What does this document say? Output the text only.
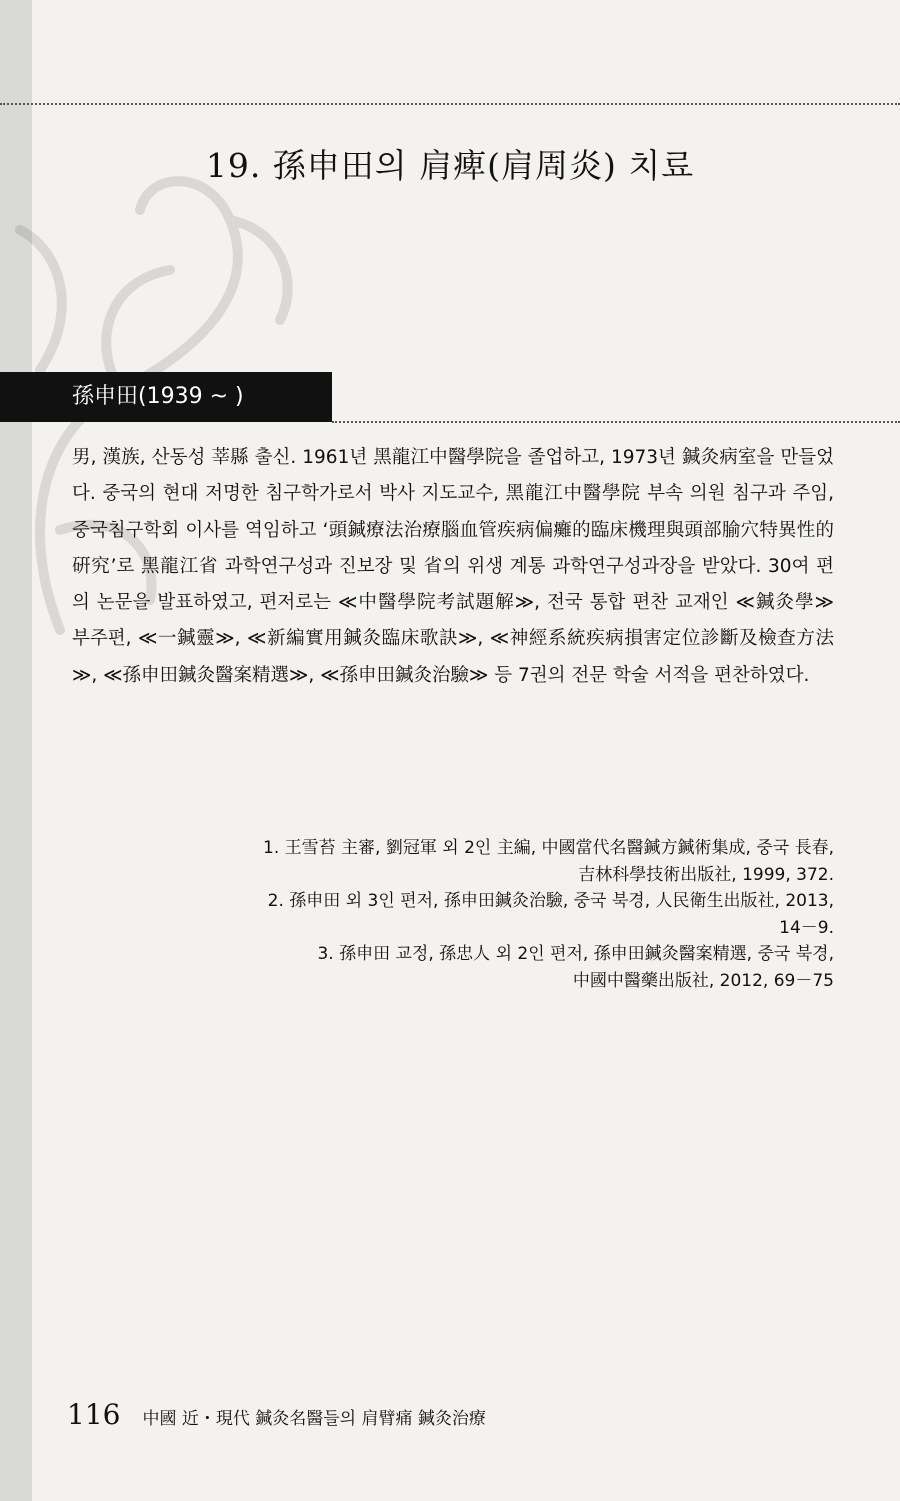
19. 孫申田의 肩痺(肩周炎) 치료
孫申田(1939 ~ )

男, 漢族, 산동성 莘縣 출신. 1961년 黑龍江中醫學院을 졸업하고, 1973년 鍼灸病室을 만들었다. 중국의 현대 저명한 침구학가로서 박사 지도교수, 黑龍江中醫學院 부속 의원 침구과 주임, 중국침구학회 이사를 역임하고 ‘頭鍼療法治療腦血管疾病偏癱的臨床機理與頭部腧穴特異性的硏究’로 黑龍江省 과학연구성과 진보장 및 省의 위생 계통 과학연구성과장을 받았다. 30여 편의 논문을 발표하였고, 편저로는 ≪中醫學院考試題解≫, 전국 통합 편찬 교재인 ≪鍼灸學≫ 부주편, ≪一鍼靈≫, ≪新編實用鍼灸臨床歌訣≫, ≪神經系統疾病損害定位診斷及檢查方法≫, ≪孫申田鍼灸醫案精選≫, ≪孫申田鍼灸治驗≫ 등 7권의 전문 학술 서적을 편찬하였다.

1. 王雪苔 主審, 劉冠軍 외 2인 主編, 中國當代名醫鍼方鍼術集成, 중국 長春,
吉林科學技術出版社, 1999, 372.
2. 孫申田 외 3인 편저, 孫申田鍼灸治驗, 중국 북경, 人民衛生出版社, 2013,
14－9.
3. 孫申田 교정, 孫忠人 외 2인 편저, 孫申田鍼灸醫案精選, 중국 북경,
中國中醫藥出版社, 2012, 69－75
116 中國 近・現代 鍼灸名醫들의 肩臂痛 鍼灸治療
